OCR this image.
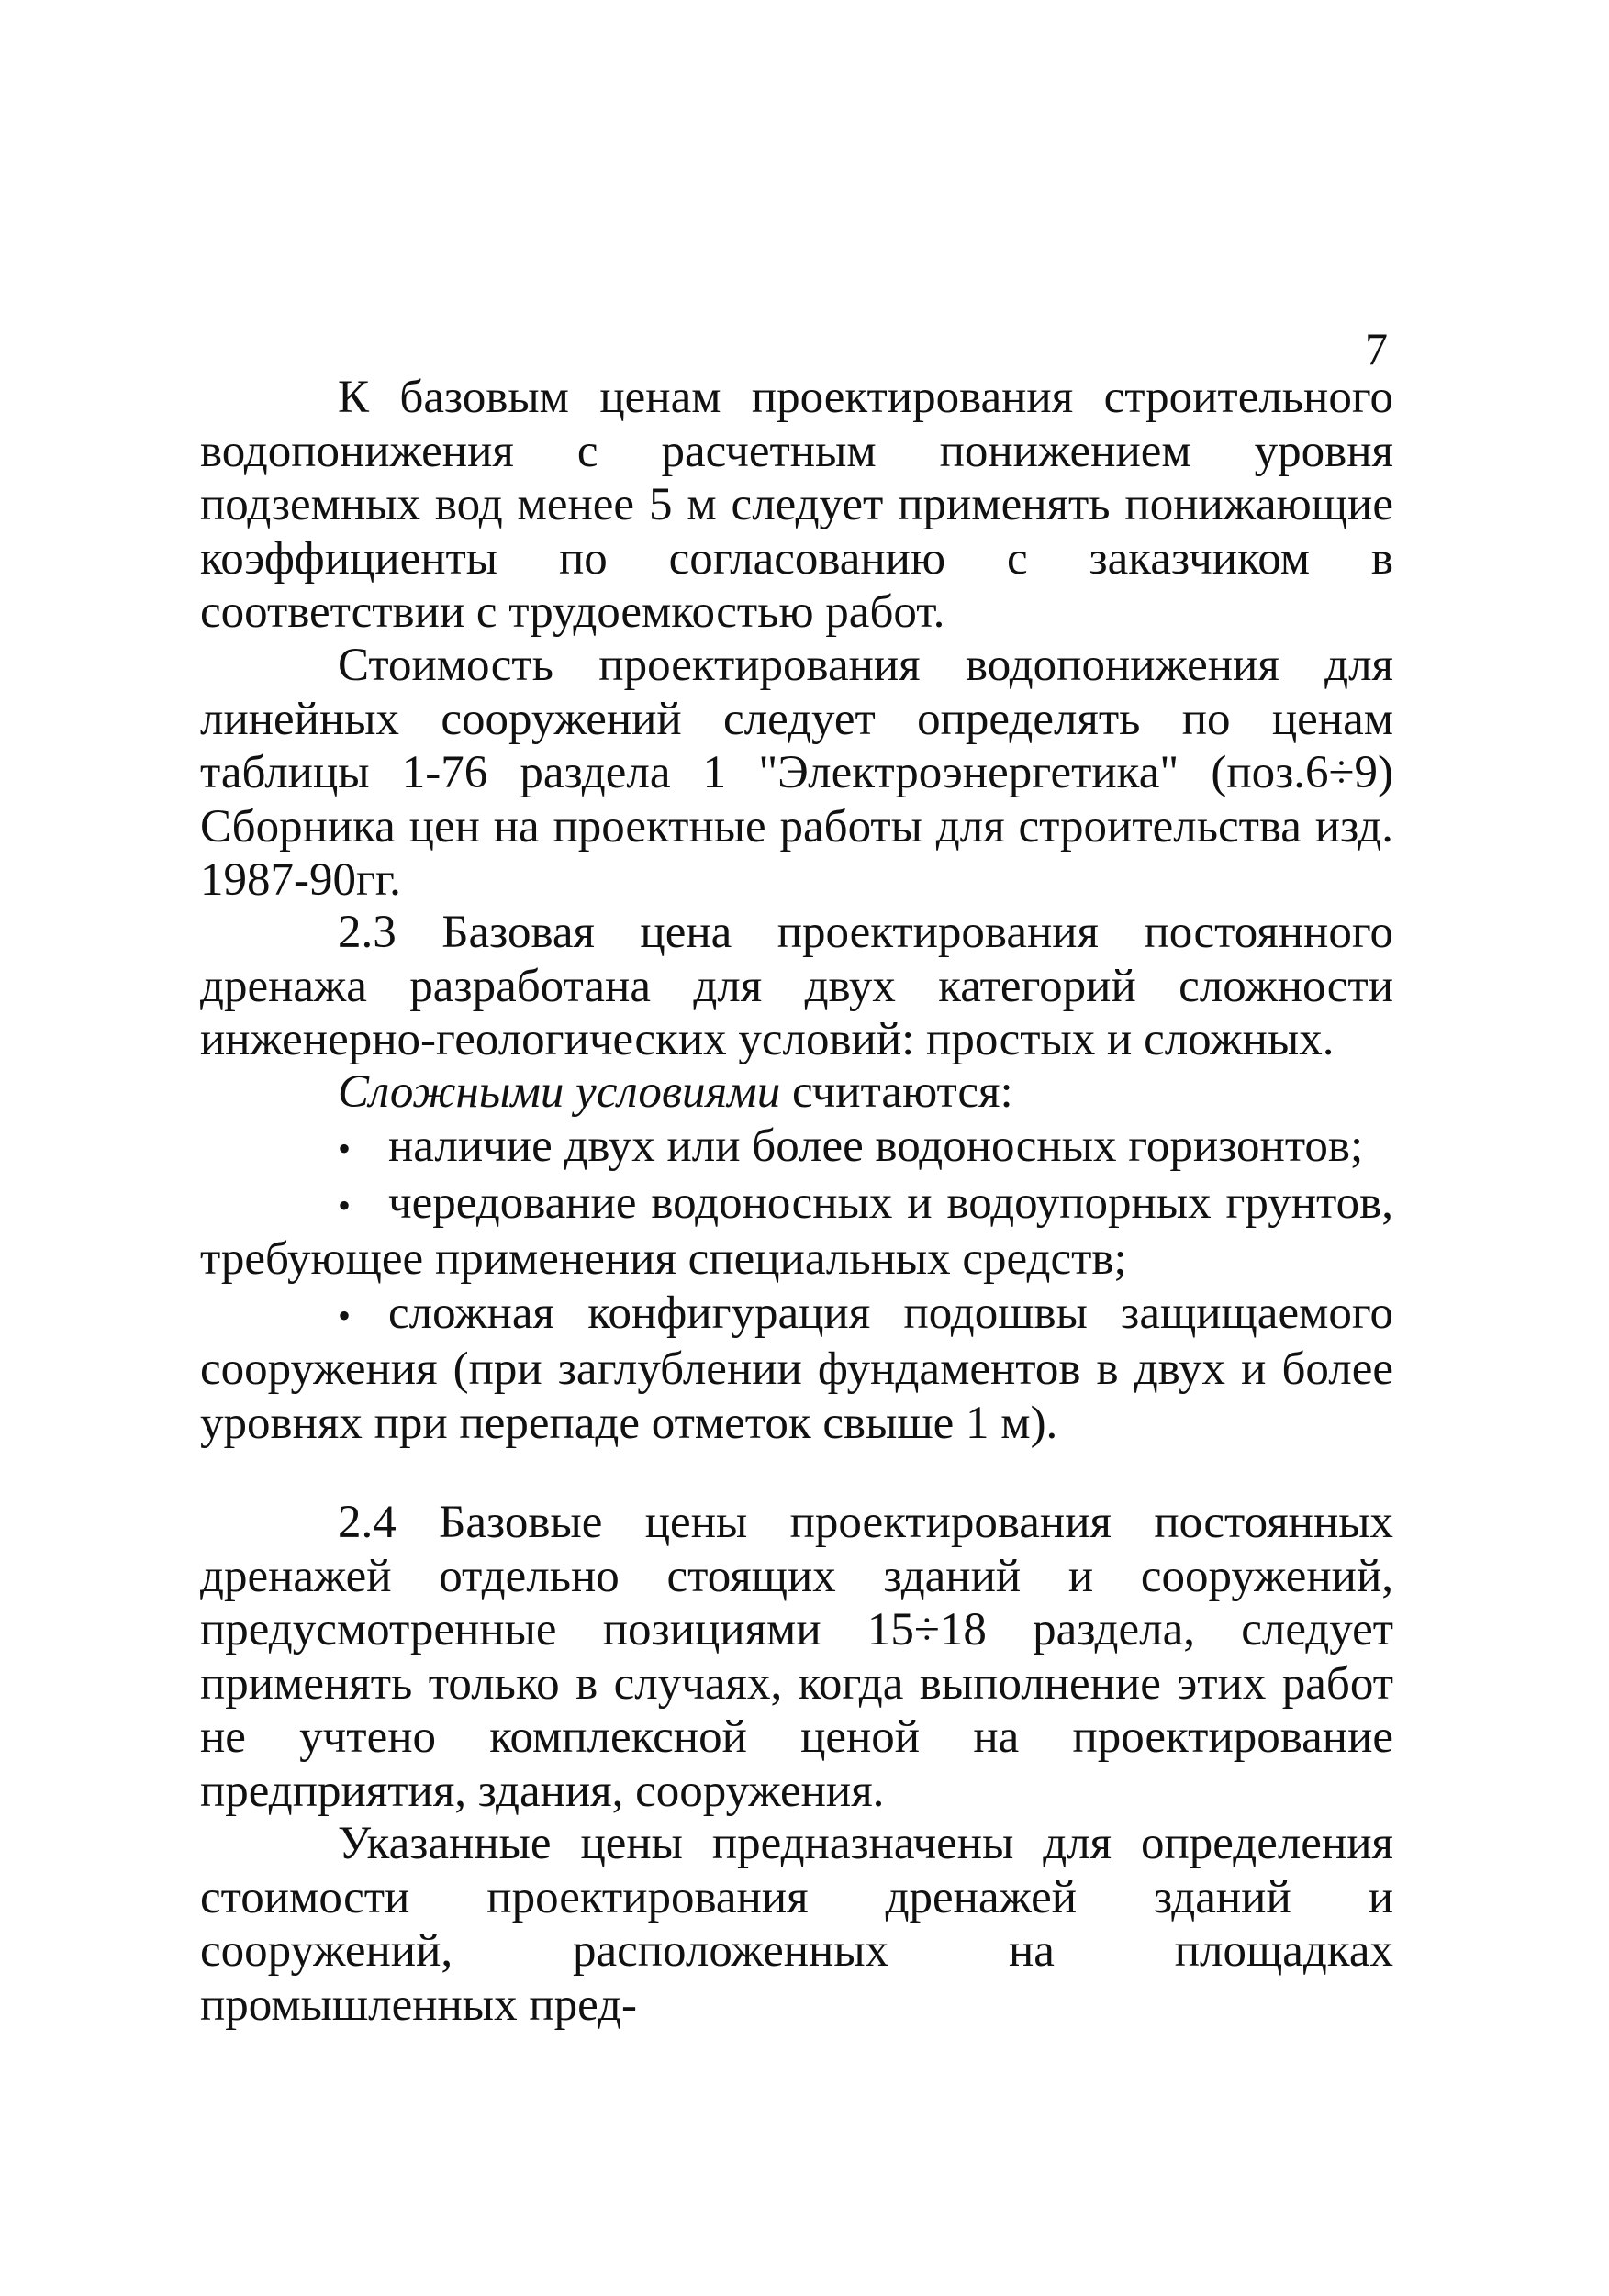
7

К базовым ценам проектирования строительного водопонижения с расчетным понижением уровня подземных вод менее 5 м следует применять понижающие коэффициенты по согласованию с заказчиком в соответствии с трудоемкостью работ.

Стоимость проектирования водопонижения для линейных сооружений следует определять по ценам таблицы 1-76 раздела 1 "Электроэнергетика" (поз.6÷9) Сборника цен на проектные работы для строительства изд. 1987-90гг.

2.3 Базовая цена проектирования постоянного дренажа разработана для двух категорий сложности инженерно-геологических условий: простых и сложных.

Сложными условиями считаются:

• наличие двух или более водоносных горизонтов;
• чередование водоносных и водоупорных грунтов, требующее применения специальных средств;
• сложная конфигурация подошвы защищаемого сооружения (при заглублении фундаментов в двух и более уровнях при перепаде отметок свыше 1 м).

2.4 Базовые цены проектирования постоянных дренажей отдельно стоящих зданий и сооружений, предусмотренные позициями 15÷18 раздела, следует применять только в случаях, когда выполнение этих работ не учтено комплексной ценой на проектирование предприятия, здания, сооружения.

Указанные цены предназначены для определения стоимости проектирования дренажей зданий и сооружений, расположенных на площадках промышленных пред-
